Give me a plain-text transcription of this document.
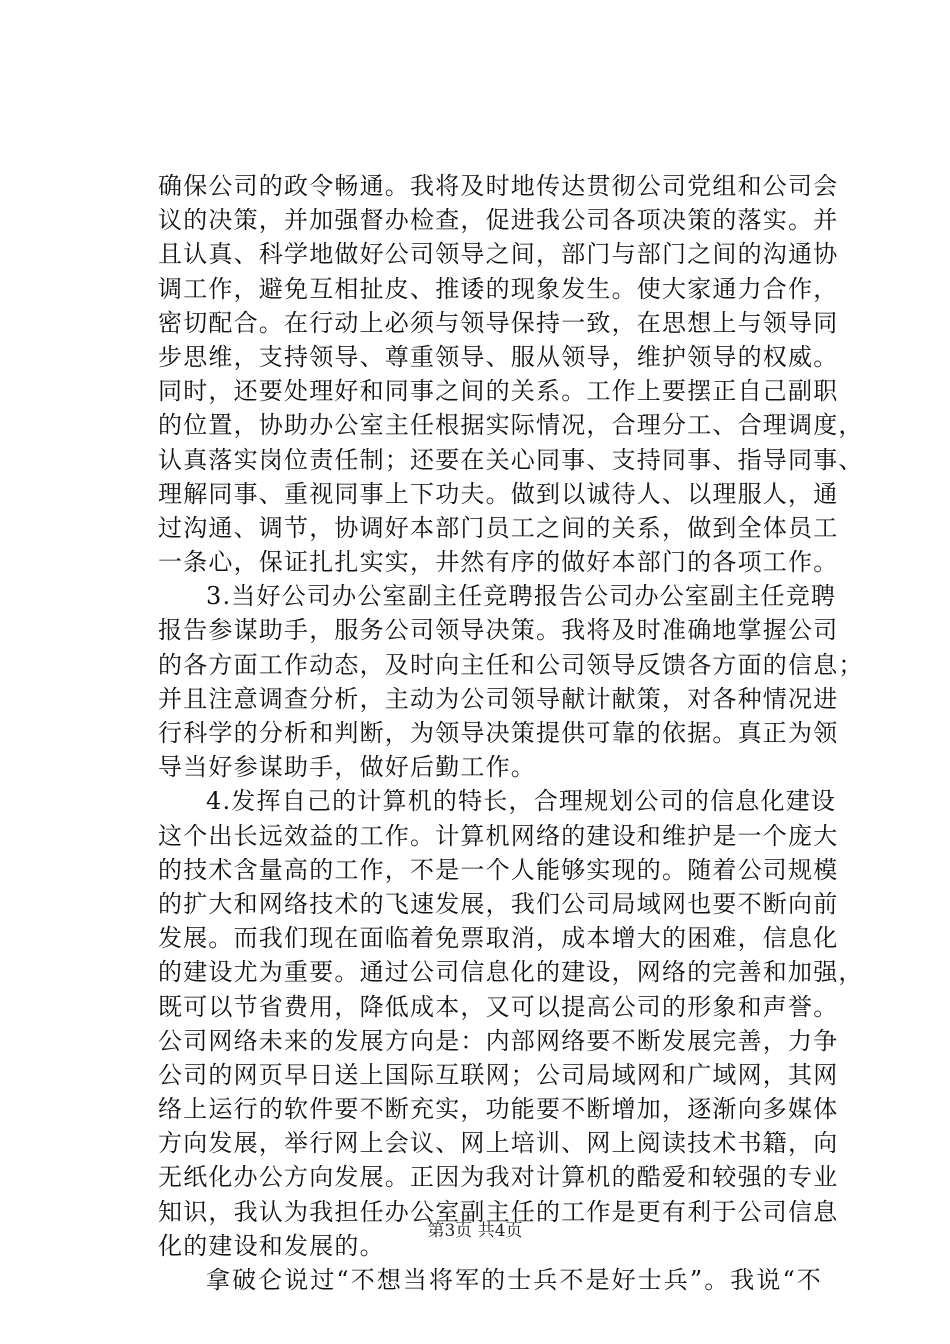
确保公司的政令畅通。我将及时地传达贯彻公司党组和公司会
议的决策，并加强督办检查，促进我公司各项决策的落实。并
且认真、科学地做好公司领导之间，部门与部门之间的沟通协
调工作，避免互相扯皮、推诿的现象发生。使大家通力合作，
密切配合。在行动上必须与领导保持一致，在思想上与领导同
步思维，支持领导、尊重领导、服从领导，维护领导的权威。
同时，还要处理好和同事之间的关系。工作上要摆正自己副职
的位置，协助办公室主任根据实际情况，合理分工、合理调度，
认真落实岗位责任制；还要在关心同事、支持同事、指导同事、
理解同事、重视同事上下功夫。做到以诚待人、以理服人，通
过沟通、调节，协调好本部门员工之间的关系，做到全体员工
一条心，保证扎扎实实，井然有序的做好本部门的各项工作。
3.当好公司办公室副主任竞聘报告公司办公室副主任竞聘
报告参谋助手，服务公司领导决策。我将及时准确地掌握公司
的各方面工作动态，及时向主任和公司领导反馈各方面的信息；
并且注意调查分析，主动为公司领导献计献策，对各种情况进
行科学的分析和判断，为领导决策提供可靠的依据。真正为领
导当好参谋助手，做好后勤工作。
4.发挥自己的计算机的特长，合理规划公司的信息化建设
这个出长远效益的工作。计算机网络的建设和维护是一个庞大
的技术含量高的工作，不是一个人能够实现的。随着公司规模
的扩大和网络技术的飞速发展，我们公司局域网也要不断向前
发展。而我们现在面临着免票取消，成本增大的困难，信息化
的建设尤为重要。通过公司信息化的建设，网络的完善和加强，
既可以节省费用，降低成本，又可以提高公司的形象和声誉。
公司网络未来的发展方向是：内部网络要不断发展完善，力争
公司的网页早日送上国际互联网；公司局域网和广域网，其网
络上运行的软件要不断充实，功能要不断增加，逐渐向多媒体
方向发展，举行网上会议、网上培训、网上阅读技术书籍，向
无纸化办公方向发展。正因为我对计算机的酷爱和较强的专业
知识，我认为我担任办公室副主任的工作是更有利于公司信息
化的建设和发展的。
拿破仑说过“不想当将军的士兵不是好士兵”。我说“不
第3页 共4页
